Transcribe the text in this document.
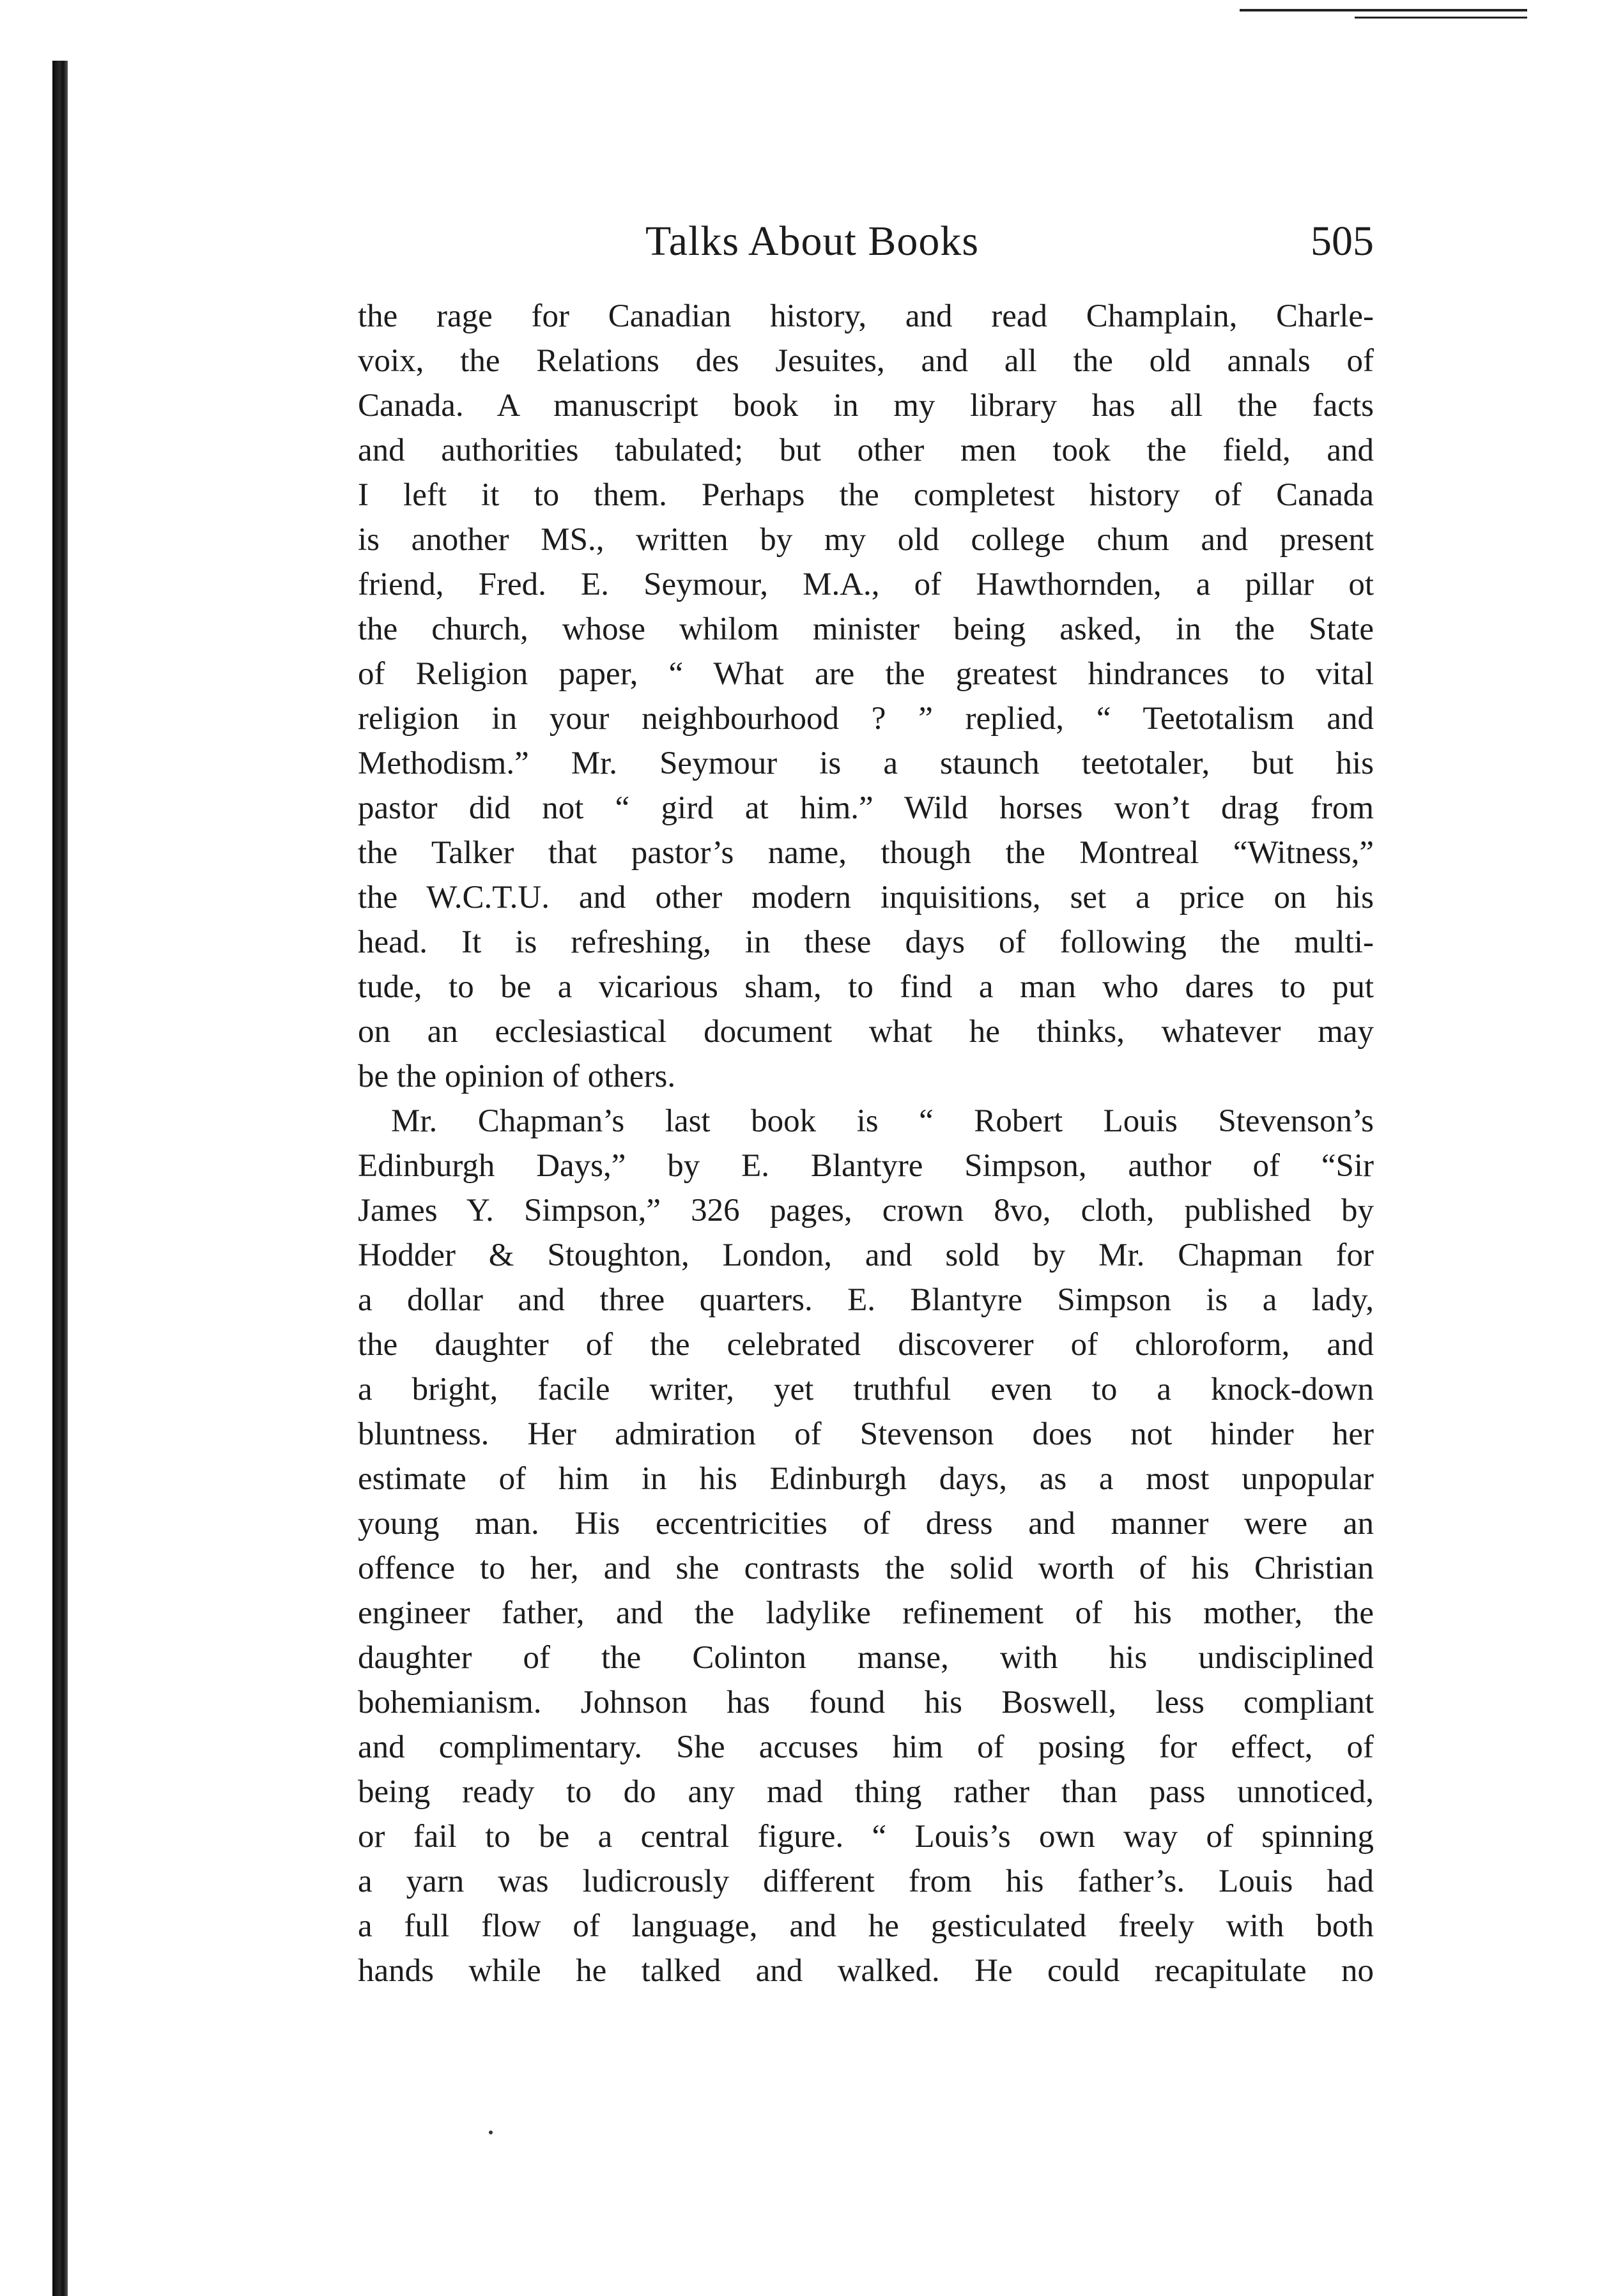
Talks About Books	505
the rage for Canadian history, and read Champlain, Charle-
voix, the Relations des Jesuites, and all the old annals of
Canada. A manuscript book in my library has all the facts
and authorities tabulated; but other men took the field, and
I left it to them. Perhaps the completest history of Canada
is another MS., written by my old college chum and present
friend, Fred. E. Seymour, M.A., of Hawthornden, a pillar ot
the church, whose whilom minister being asked, in the State
of Religion paper, “ What are the greatest hindrances to vital
religion in your neighbourhood ? ” replied, “ Teetotalism and
Methodism.” Mr. Seymour is a staunch teetotaler, but his
pastor did not “ gird at him.” Wild horses won’t drag from
the Talker that pastor’s name, though the Montreal “Witness,”
the W.C.T.U. and other modern inquisitions, set a price on his
head. It is refreshing, in these days of following the multi-
tude, to be a vicarious sham, to find a man who dares to put
on an ecclesiastical document what he thinks, whatever may
be the opinion of others.
Mr. Chapman’s last book is “ Robert Louis Stevenson’s
Edinburgh Days,” by E. Blantyre Simpson, author of “Sir
James Y. Simpson,” 326 pages, crown 8vo, cloth, published by
Hodder & Stoughton, London, and sold by Mr. Chapman for
a dollar and three quarters. E. Blantyre Simpson is a lady,
the daughter of the celebrated discoverer of chloroform, and
a bright, facile writer, yet truthful even to a knock-down
bluntness. Her admiration of Stevenson does not hinder her
estimate of him in his Edinburgh days, as a most unpopular
young man. His eccentricities of dress and manner were an
offence to her, and she contrasts the solid worth of his Christian
engineer father, and the ladylike refinement of his mother, the
daughter of the Colinton manse, with his undisciplined
bohemianism. Johnson has found his Boswell, less compliant
and complimentary. She accuses him of posing for effect, of
being ready to do any mad thing rather than pass unnoticed,
or fail to be a central figure. “ Louis’s own way of spinning
a yarn was ludicrously different from his father’s. Louis had
a full flow of language, and he gesticulated freely with both
hands while he talked and walked. He could recapitulate no
